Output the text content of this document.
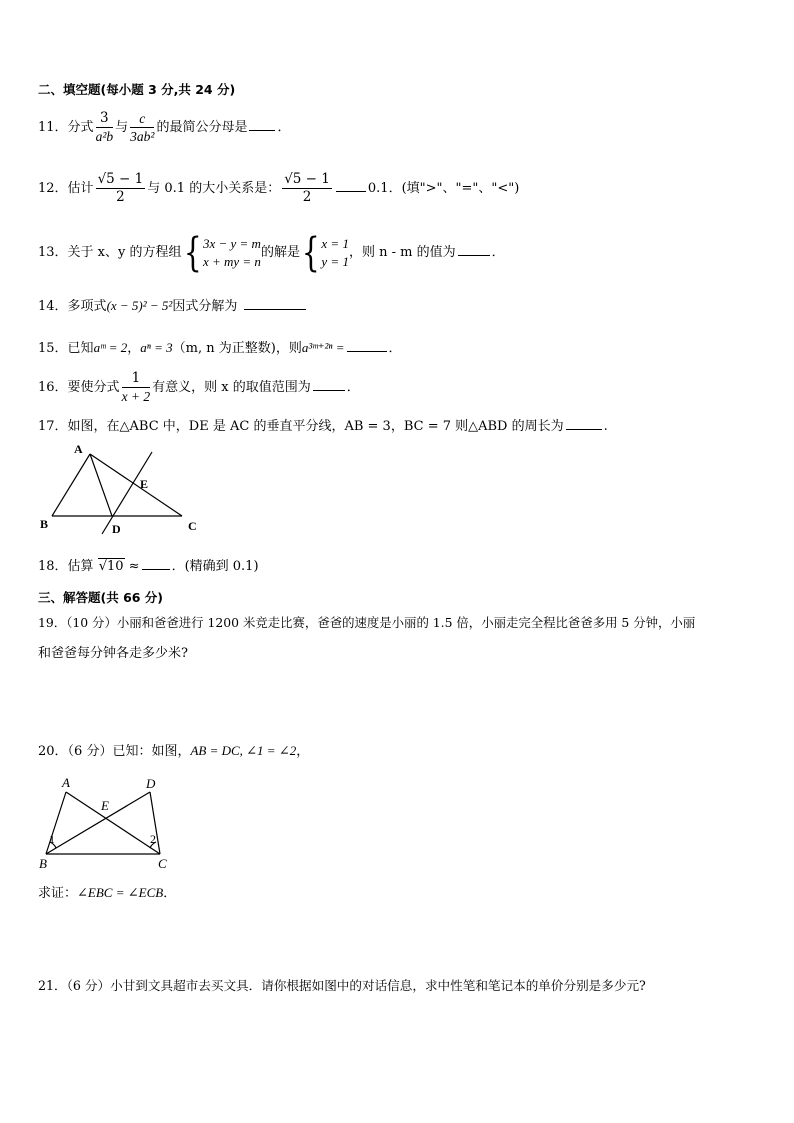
二、填空题(每小题 3 分,共 24 分)
11．分式 $\frac{3}{\text{a²b}}$ 与 $\frac{c}{\text{3ab²}}$ 的最简公分母是 ．
12．估计 $\frac{√5 - 1}{2}$ 与 0.1 的大小关系是： $\frac{√5 - 1}{2}$	0.1．(填">"、"="、"<")
13．关于 x、y 的方程组{ 3x − y = m
x + my = n
的解是{ x = 1
y = 1
，则 n - m 的值为	．
14．多项式(x − 5)² − 5²因式分解为
15．已知aᵐ = 2，aⁿ = 3（m, n 为正整数)，则a³ᵐ⁺²ⁿ =	．
16．要使分式 $\frac{1}{x + 2}$ 有意义，则 x 的取值范围为	．
17．如图，在△ABC 中，DE 是 AC 的垂直平分线，AB = 3，BC = 7 则△ABD 的周长为	.
A
B	C
D
E
18．估算 √10 ≈ ．(精确到 0.1)
三、解答题(共 66 分)
19．（10 分）小丽和爸爸进行 1200 米竞走比赛，爸爸的速度是小丽的 1.5 倍，小丽走完全程比爸爸多用 5 分钟，小丽
和爸爸每分钟各走多少米?
20．（6 分）已知：如图，AB = DC, ∠1 = ∠2，
A
B	C
D
E
1	2
求证：∠EBC = ∠ECB．
21．（6 分）小甘到文具超市去买文具．请你根据如图中的对话信息，求中性笔和笔记本的单价分别是多少元?
